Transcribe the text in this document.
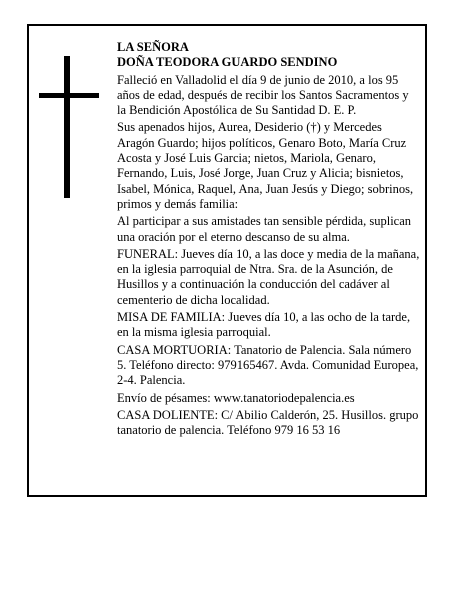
LA SEÑORA
DOÑA TEODORA GUARDO SENDINO

Falleció en Valladolid el día 9 de junio de 2010, a los 95 años de edad, después de recibir los Santos Sacramentos y la Bendición Apostólica de Su Santidad D. E. P.

Sus apenados hijos, Aurea, Desiderio (†) y Mercedes Aragón Guardo; hijos políticos, Genaro Boto, María Cruz Acosta y José Luis Garcia; nietos, Mariola, Genaro, Fernando, Luis, José Jorge, Juan Cruz y Alicia; bisnietos, Isabel, Mónica, Raquel, Ana, Juan Jesús y Diego; sobrinos, primos y demás familia:

Al participar a sus amistades tan sensible pérdida, suplican una oración por el eterno descanso de su alma.

FUNERAL: Jueves día 10, a las doce y media de la mañana, en la iglesia parroquial de Ntra. Sra. de la Asunción, de Husillos y a continuación la conducción del cadáver al cementerio de dicha localidad.

MISA DE FAMILIA: Jueves día 10, a las ocho de la tarde, en la misma iglesia parroquial.

CASA MORTUORIA: Tanatorio de Palencia. Sala número 5. Teléfono directo: 979165467. Avda. Comunidad Europea, 2-4. Palencia.

Envío de pésames: www.tanatoriodepalencia.es

CASA DOLIENTE: C/ Abilio Calderón, 25. Husillos. grupo tanatorio de palencia. Teléfono 979 16 53 16
